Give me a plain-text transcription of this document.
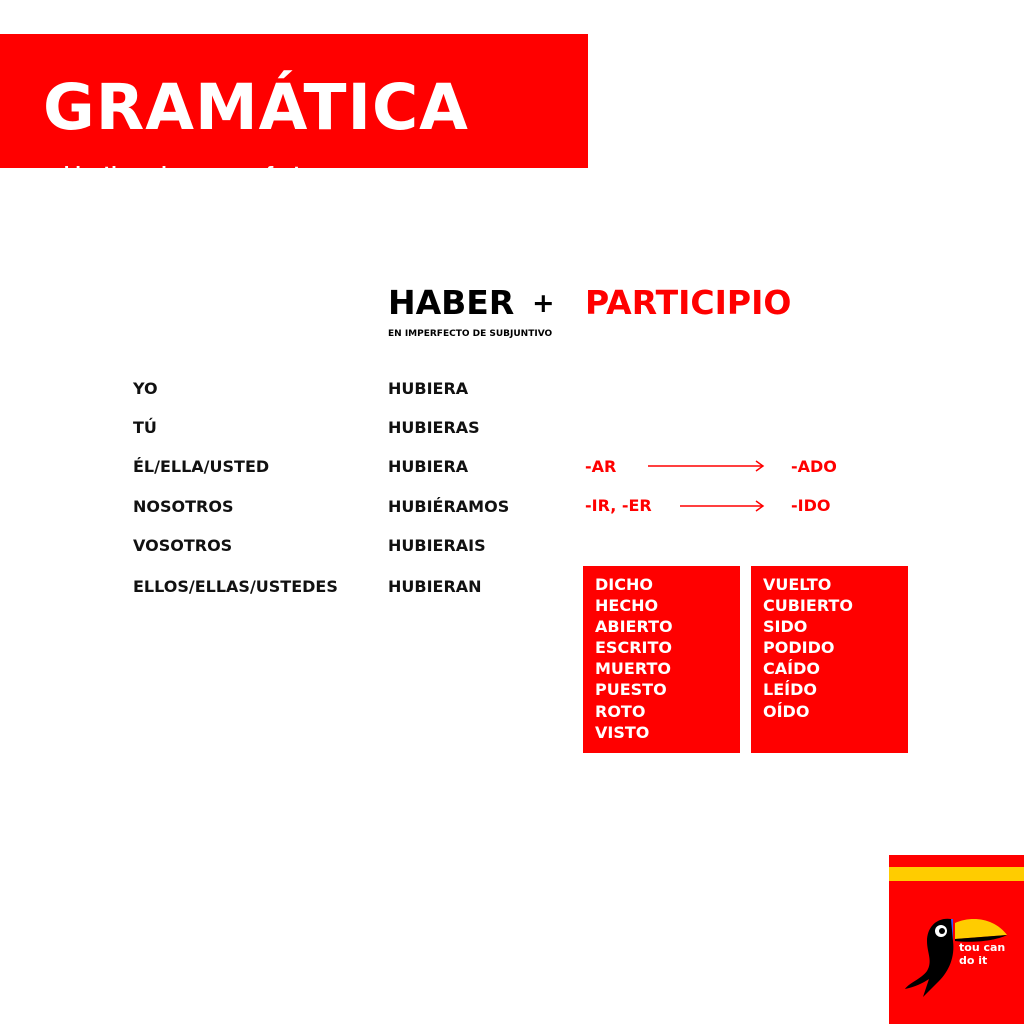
GRAMÁTICA
subjuntivo, pluscuamperfecto
HABER + PARTICIPIO
EN IMPERFECTO DE SUBJUNTIVO
YO	HUBIERA
TÚ	HUBIERAS
ÉL/ELLA/USTED	HUBIERA
NOSOTROS	HUBIÉRAMOS
VOSOTROS	HUBIERAIS
ELLOS/ELLAS/USTEDES	HUBIERAN
-AR	-ADO
-IR, -ER	-IDO
DICHO
HECHO
ABIERTO
ESCRITO
MUERTO
PUESTO
ROTO
VISTO
VUELTO
CUBIERTO
SIDO
PODIDO
CAÍDO
LEÍDO
OÍDO
tou can do it
